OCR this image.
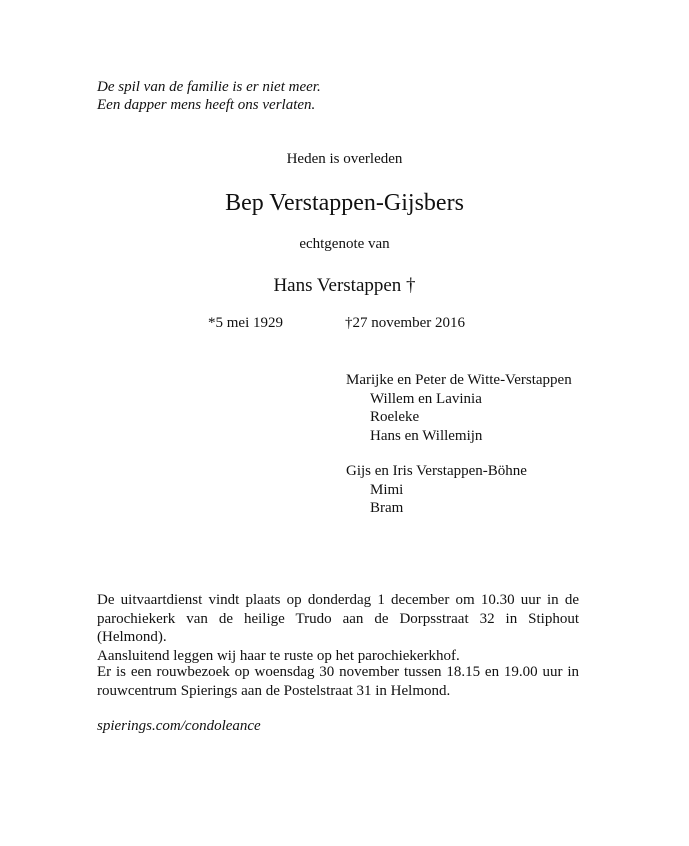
De spil van de familie is er niet meer.
Een dapper mens heeft ons verlaten.
Heden is overleden
Bep Verstappen-Gijsbers
echtgenote van
Hans Verstappen †
*5 mei 1929	†27 november 2016
Marijke en Peter de Witte-Verstappen
Willem en Lavinia
Roeleke
Hans en Willemijn
Gijs en Iris Verstappen-Böhne
Mimi
Bram
De uitvaartdienst vindt plaats op donderdag 1 december om 10.30 uur in de
parochiekerk van de heilige Trudo aan de Dorpsstraat 32 in Stiphout (Helmond).
Aansluitend leggen wij haar te ruste op het parochiekerkhof.
Er is een rouwbezoek op woensdag 30 november tussen 18.15 en 19.00 uur in
rouwcentrum Spierings aan de Postelstraat 31 in Helmond.
spierings.com/condoleance
